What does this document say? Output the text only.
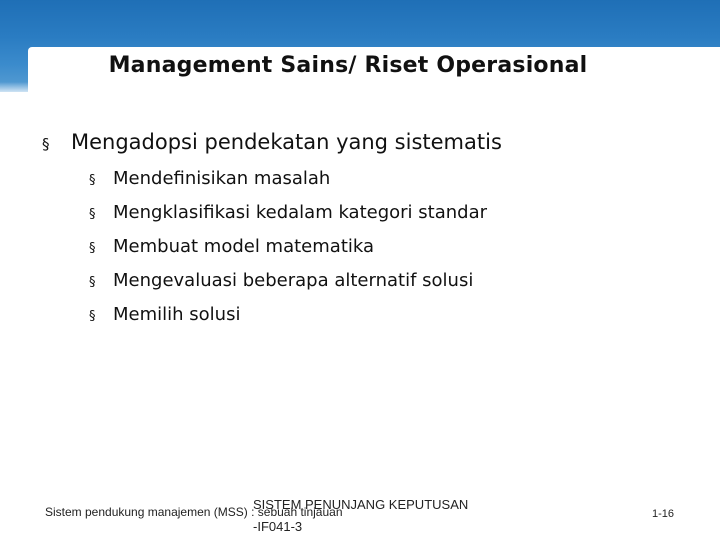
Management Sains/ Riset Operasional
§	Mengadopsi pendekatan yang sistematis
§ Mendefinisikan masalah
§ Mengklasifikasi kedalam kategori standar
§ Membuat model matematika
§ Mengevaluasi beberapa alternatif solusi
§ Memilih solusi
Sistem pendukung manajemen (MSS) : sebuah tinjauan
SISTEM PENUNJANG KEPUTUSAN
-IF041-3
1-16
